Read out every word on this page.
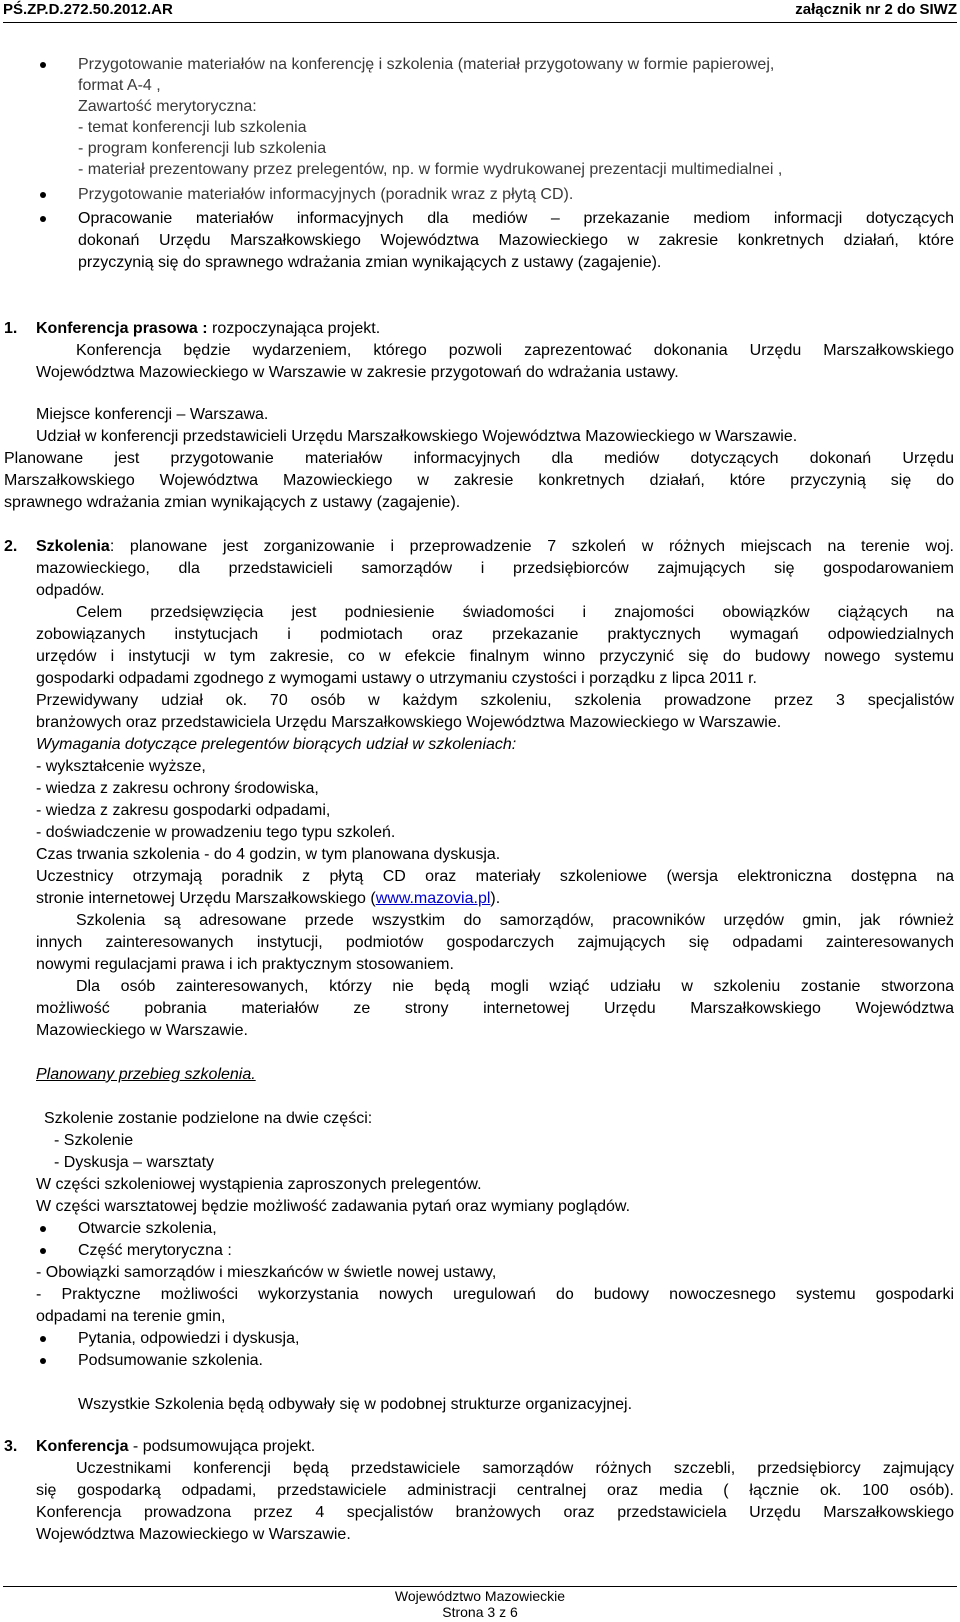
PŚ.ZP.D.272.50.2012.AR	załącznik nr 2 do SIWZ
Przygotowanie materiałów na konferencję i szkolenia (materiał przygotowany w formie papierowej,
format A-4 ,
Zawartość merytoryczna:
- temat konferencji lub szkolenia
- program konferencji lub szkolenia
- materiał prezentowany przez prelegentów, np. w formie wydrukowanej prezentacji multimedialnei ,
Przygotowanie materiałów informacyjnych (poradnik wraz z płytą CD).
Opracowanie materiałów informacyjnych dla mediów – przekazanie mediom informacji dotyczących
dokonań Urzędu Marszałkowskiego Województwa Mazowieckiego w zakresie konkretnych działań, które
przyczynią się do sprawnego wdrażania zmian wynikających z ustawy (zagajenie).
1. Konferencja prasowa : rozpoczynająca projekt.
Konferencja będzie wydarzeniem, którego pozwoli zaprezentować dokonania Urzędu Marszałkowskiego
Województwa Mazowieckiego w Warszawie w zakresie przygotowań do wdrażania ustawy.
Miejsce konferencji – Warszawa.
Udział w konferencji przedstawicieli Urzędu Marszałkowskiego Województwa Mazowieckiego w Warszawie.
Planowane jest przygotowanie materiałów informacyjnych dla mediów dotyczących dokonań Urzędu
Marszałkowskiego Województwa Mazowieckiego w zakresie konkretnych działań, które przyczynią się do
sprawnego wdrażania zmian wynikających z ustawy (zagajenie).
2. Szkolenia: planowane jest zorganizowanie i przeprowadzenie 7 szkoleń w różnych miejscach na terenie woj.
mazowieckiego, dla przedstawicieli samorządów i przedsiębiorców zajmujących się gospodarowaniem
odpadów.
Celem przedsięwzięcia jest podniesienie świadomości i znajomości obowiązków ciążących na
zobowiązanych instytucjach i podmiotach oraz przekazanie praktycznych wymagań odpowiedzialnych
urzędów i instytucji w tym zakresie, co w efekcie finalnym winno przyczynić się do budowy nowego systemu
gospodarki odpadami zgodnego z wymogami ustawy o utrzymaniu czystości i porządku z lipca 2011 r.
Przewidywany udział ok. 70 osób w każdym szkoleniu, szkolenia prowadzone przez 3 specjalistów
branżowych oraz przedstawiciela Urzędu Marszałkowskiego Województwa Mazowieckiego w Warszawie.
Wymagania dotyczące prelegentów biorących udział w szkoleniach:
- wykształcenie wyższe,
- wiedza z zakresu ochrony środowiska,
- wiedza z zakresu gospodarki odpadami,
- doświadczenie w prowadzeniu tego typu szkoleń.
Czas trwania szkolenia - do 4 godzin, w tym planowana dyskusja.
Uczestnicy otrzymają poradnik z płytą CD oraz materiały szkoleniowe (wersja elektroniczna dostępna na
stronie internetowej Urzędu Marszałkowskiego (www.mazovia.pl).
Szkolenia są adresowane przede wszystkim do samorządów, pracowników urzędów gmin, jak również
innych zainteresowanych instytucji, podmiotów gospodarczych zajmujących się odpadami zainteresowanych
nowymi regulacjami prawa i ich praktycznym stosowaniem.
Dla osób zainteresowanych, którzy nie będą mogli wziąć udziału w szkoleniu zostanie stworzona
możliwość pobrania materiałów ze strony internetowej Urzędu Marszałkowskiego Województwa
Mazowieckiego w Warszawie.
Planowany przebieg szkolenia.
Szkolenie zostanie podzielone na dwie części:
- Szkolenie
- Dyskusja – warsztaty
W części szkoleniowej wystąpienia zaproszonych prelegentów.
W części warsztatowej będzie możliwość zadawania pytań oraz wymiany poglądów.
Otwarcie szkolenia,
Część merytoryczna :
- Obowiązki samorządów i mieszkańców w świetle nowej ustawy,
- Praktyczne możliwości wykorzystania nowych uregulowań do budowy nowoczesnego systemu gospodarki
odpadami na terenie gmin,
Pytania, odpowiedzi i dyskusja,
Podsumowanie szkolenia.
Wszystkie Szkolenia będą odbywały się w podobnej strukturze organizacyjnej.
3. Konferencja - podsumowująca projekt.
Uczestnikami konferencji będą przedstawiciele samorządów różnych szczebli, przedsiębiorcy zajmujący
się gospodarką odpadami, przedstawiciele administracji centralnej oraz media ( łącznie ok. 100 osób).
Konferencja prowadzona przez 4 specjalistów branżowych oraz przedstawiciela Urzędu Marszałkowskiego
Województwa Mazowieckiego w Warszawie.
Województwo Mazowieckie
Strona 3 z 6
